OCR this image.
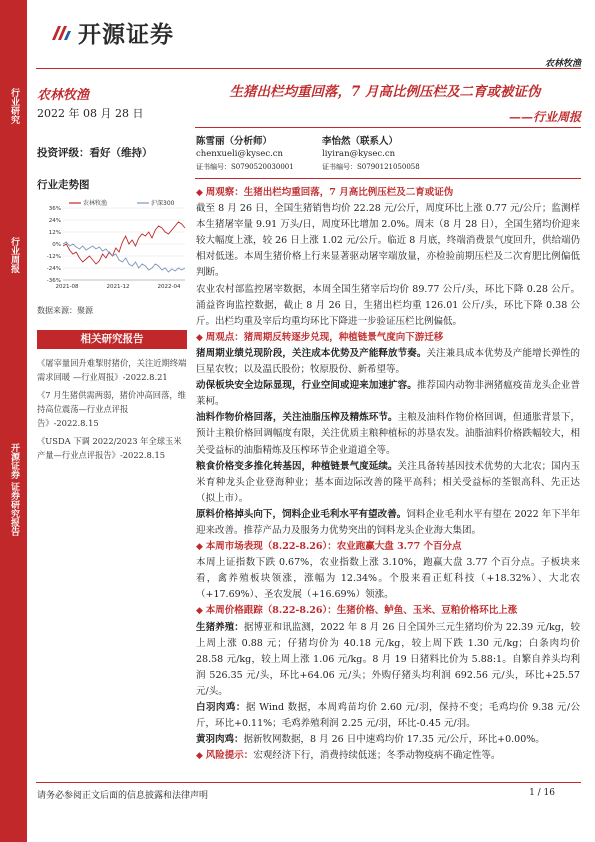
行业研究
行业周报
开源证券 证券研究报告
开源证券
农林牧渔
农林牧渔
2022 年 08 月 28 日
投资评级：看好（维持）
行业走势图
36%
24%
12%
0%
-12%
-24%
-36%
2021-08	2021-12	2022-04
农林牧渔	沪深300
数据来源：聚源
相关研究报告
《屠宰量回升难掣肘猪价，关注近期终端需求回暖 —行业周报》-2022.8.21
《7 月生猪供需两弱，猪价冲高回落，维持高位震荡—行业点评报告》-2022.8.15
《USDA 下调 2022/2023 年全球玉米产量—行业点评报告》-2022.8.15
生猪出栏均重回落，7 月高比例压栏及二育或被证伪
——行业周报
陈雪丽（分析师）
chenxueli@kysec.cn
证书编号：S0790520030001
李怡然（联系人）
liyiran@kysec.cn
证书编号：S0790121050058

◆ 周观察：生猪出栏均重回落，7 月高比例压栏及二育或证伪

截至 8 月 26 日，全国生猪销售均价 22.28 元/公斤，周度环比上涨 0.77 元/公斤；监测样本生猪屠宰量 9.91 万头/日，周度环比增加 2.0%。周末（8 月 28 日），全国生猪均价迎来较大幅度上涨，较 26 日上涨 1.02 元/公斤。临近 8 月底，终端消费景气度回升，供给端仍相对低迷。本周生猪价格上行来显著驱动屠宰端放量，亦检验前期压栏及二次育肥比例偏低判断。

农业农村部监控屠宰数据，本周全国生猪宰后均价 89.77 公斤/头，环比下降 0.28 公斤。涌益咨询监控数据，截止 8 月 26 日，生猪出栏均重 126.01 公斤/头，环比下降 0.38 公斤。出栏均重及宰后均重均环比下降进一步验证压栏比例偏低。

◆ 周观点：猪周期反转逐步兑现，种植链景气度向下游迁移

猪周期业绩兑现阶段，关注成本优势及产能释放节奏。关注兼具成本优势及产能增长弹性的巨星农牧；以及温氏股份；牧原股份、新希望等。

动保板块安全边际显现，行业空间或迎来加速扩容。推荐国内动物非洲猪瘟疫苗龙头企业普莱柯。

油料作物价格回落，关注油脂压榨及精炼环节。主粮及油料作物价格回调，但通胀背景下，预计主粮价格回调幅度有限，关注优质主粮种植标的苏垦农发。油脂油料价格跌幅较大，相关受益标的油脂精炼及压榨环节企业道道全等。

粮食价格变多推化转基因，种植链景气度延续。关注具备转基因技术优势的大北农；国内玉米育种龙头企业登海种业；基本面边际改善的隆平高科；相关受益标的荃银高科、先正达（拟上市）。

原料价格掉头向下，饲料企业毛利水平有望改善。饲料企业毛利水平有望在 2022 年下半年迎来改善。推荐产品力及服务力优势突出的饲料龙头企业海大集团。

◆ 本周市场表现（8.22-8.26）：农业跑赢大盘 3.77 个百分点

本周上证指数下跌 0.67%，农业指数上涨 3.10%，跑赢大盘 3.77 个百分点。子板块来看，禽养殖板块领涨，涨幅为 12.34%。个股来看正虹科技（+18.32%）、大北农（+17.69%）、圣农发展（+16.69%）领涨。

◆ 本周价格跟踪（8.22-8.26）：生猪价格、鲈鱼、玉米、豆粕价格环比上涨

生猪养殖：据博亚和讯监测，2022 年 8 月 26 日全国外三元生猪均价为 22.39 元/kg，较上周上涨 0.88 元；仔猪均价为 40.18 元/kg，较上周下跌 1.30 元/kg；白条肉均价 28.58 元/kg，较上周上涨 1.06 元/kg。8 月 19 日猪料比价为 5.88:1。自繁自养头均利润 526.35 元/头，环比+64.06 元/头；外购仔猪头均利润 692.56 元/头，环比+25.57 元/头。

白羽肉鸡：据 Wind 数据，本周鸡苗均价 2.60 元/羽，保持不变；毛鸡均价 9.38 元/公斤，环比+0.11%；毛鸡养殖利润 2.25 元/羽，环比-0.45 元/羽。

黄羽肉鸡：据新牧网数据，8 月 26 日中速鸡均价 17.35 元/公斤，环比+0.00%。

◆ 风险提示：宏观经济下行，消费持续低迷；冬季动物疫病不确定性等。

请务必参阅正文后面的信息披露和法律声明	1 / 16
